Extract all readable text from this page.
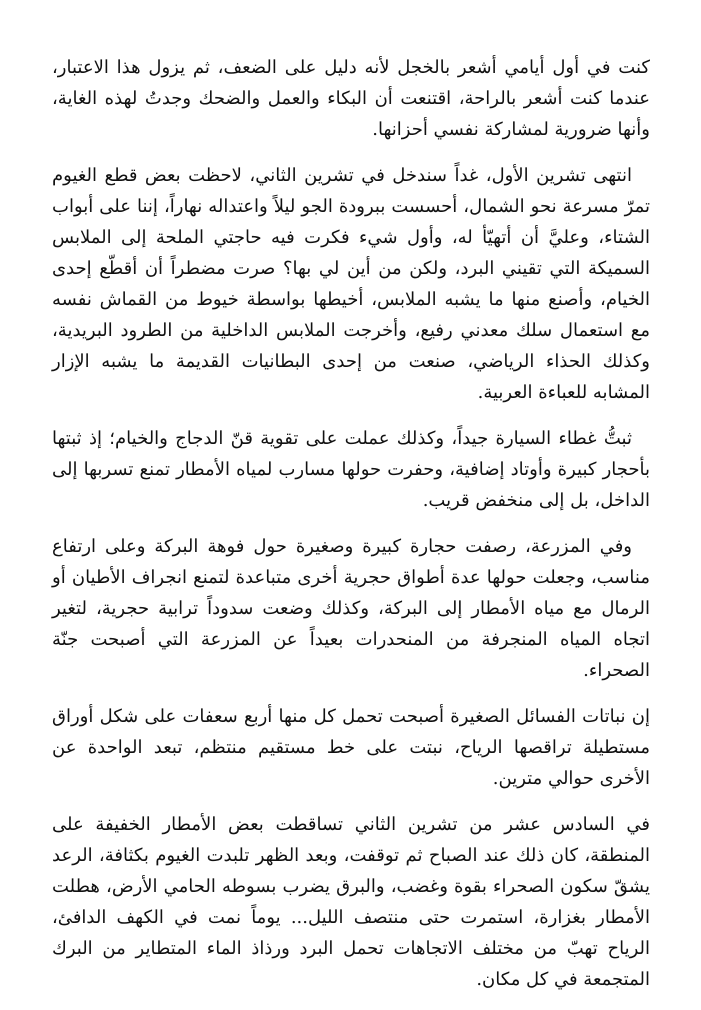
كنت في أول أيامي أشعر بالخجل لأنه دليل على الضعف، ثم يزول هذا الاعتبار، عندما كنت أشعر بالراحة، اقتنعت أن البكاء والعمل والضحك وجدتُ لهذه الغاية، وأنها ضرورية لمشاركة نفسي أحزانها.

انتهى تشرين الأول، غداً سندخل في تشرين الثاني، لاحظت بعض قطع الغيوم تمرّ مسرعة نحو الشمال، أحسست ببرودة الجو ليلاً واعتداله نهاراً، إننا على أبواب الشتاء، وعليَّ أن أتهيّأ له، وأول شيء فكرت فيه حاجتي الملحة إلى الملابس السميكة التي تقيني البرد، ولكن من أين لي بها؟ صرت مضطراً أن أقطّع إحدى الخيام، وأصنع منها ما يشبه الملابس، أخيطها بواسطة خيوط من القماش نفسه مع استعمال سلك معدني رفيع، وأخرجت الملابس الداخلية من الطرود البريدية، وكذلك الحذاء الرياضي، صنعت من إحدى البطانيات القديمة ما يشبه الإزار المشابه للعباءة العربية.

ثبتُّ غطاء السيارة جيداً، وكذلك عملت على تقوية قنّ الدجاج والخيام؛ إذ ثبتها بأحجار كبيرة وأوتاد إضافية، وحفرت حولها مسارب لمياه الأمطار تمنع تسربها إلى الداخل، بل إلى منخفض قريب.

وفي المزرعة، رصفت حجارة كبيرة وصغيرة حول فوهة البركة وعلى ارتفاع مناسب، وجعلت حولها عدة أطواق حجرية أخرى متباعدة لتمنع انجراف الأطيان أو الرمال مع مياه الأمطار إلى البركة، وكذلك وضعت سدوداً ترابية حجرية، لتغير اتجاه المياه المنجرفة من المنحدرات بعيداً عن المزرعة التي أصبحت جنّة الصحراء.

إن نباتات الفسائل الصغيرة أصبحت تحمل كل منها أربع سعفات على شكل أوراق مستطيلة تراقصها الرياح، نبتت على خط مستقيم منتظم، تبعد الواحدة عن الأخرى حوالي مترين.

في السادس عشر من تشرين الثاني تساقطت بعض الأمطار الخفيفة على المنطقة، كان ذلك عند الصباح ثم توقفت، وبعد الظهر تلبدت الغيوم بكثافة، الرعد يشقّ سكون الصحراء بقوة وغضب، والبرق يضرب بسوطه الحامي الأرض، هطلت الأمطار بغزارة، استمرت حتى منتصف الليل... يوماً نمت في الكهف الدافئ، الرياح تهبّ من مختلف الاتجاهات تحمل البرد ورذاذ الماء المتطاير من البرك المتجمعة في كل مكان.
